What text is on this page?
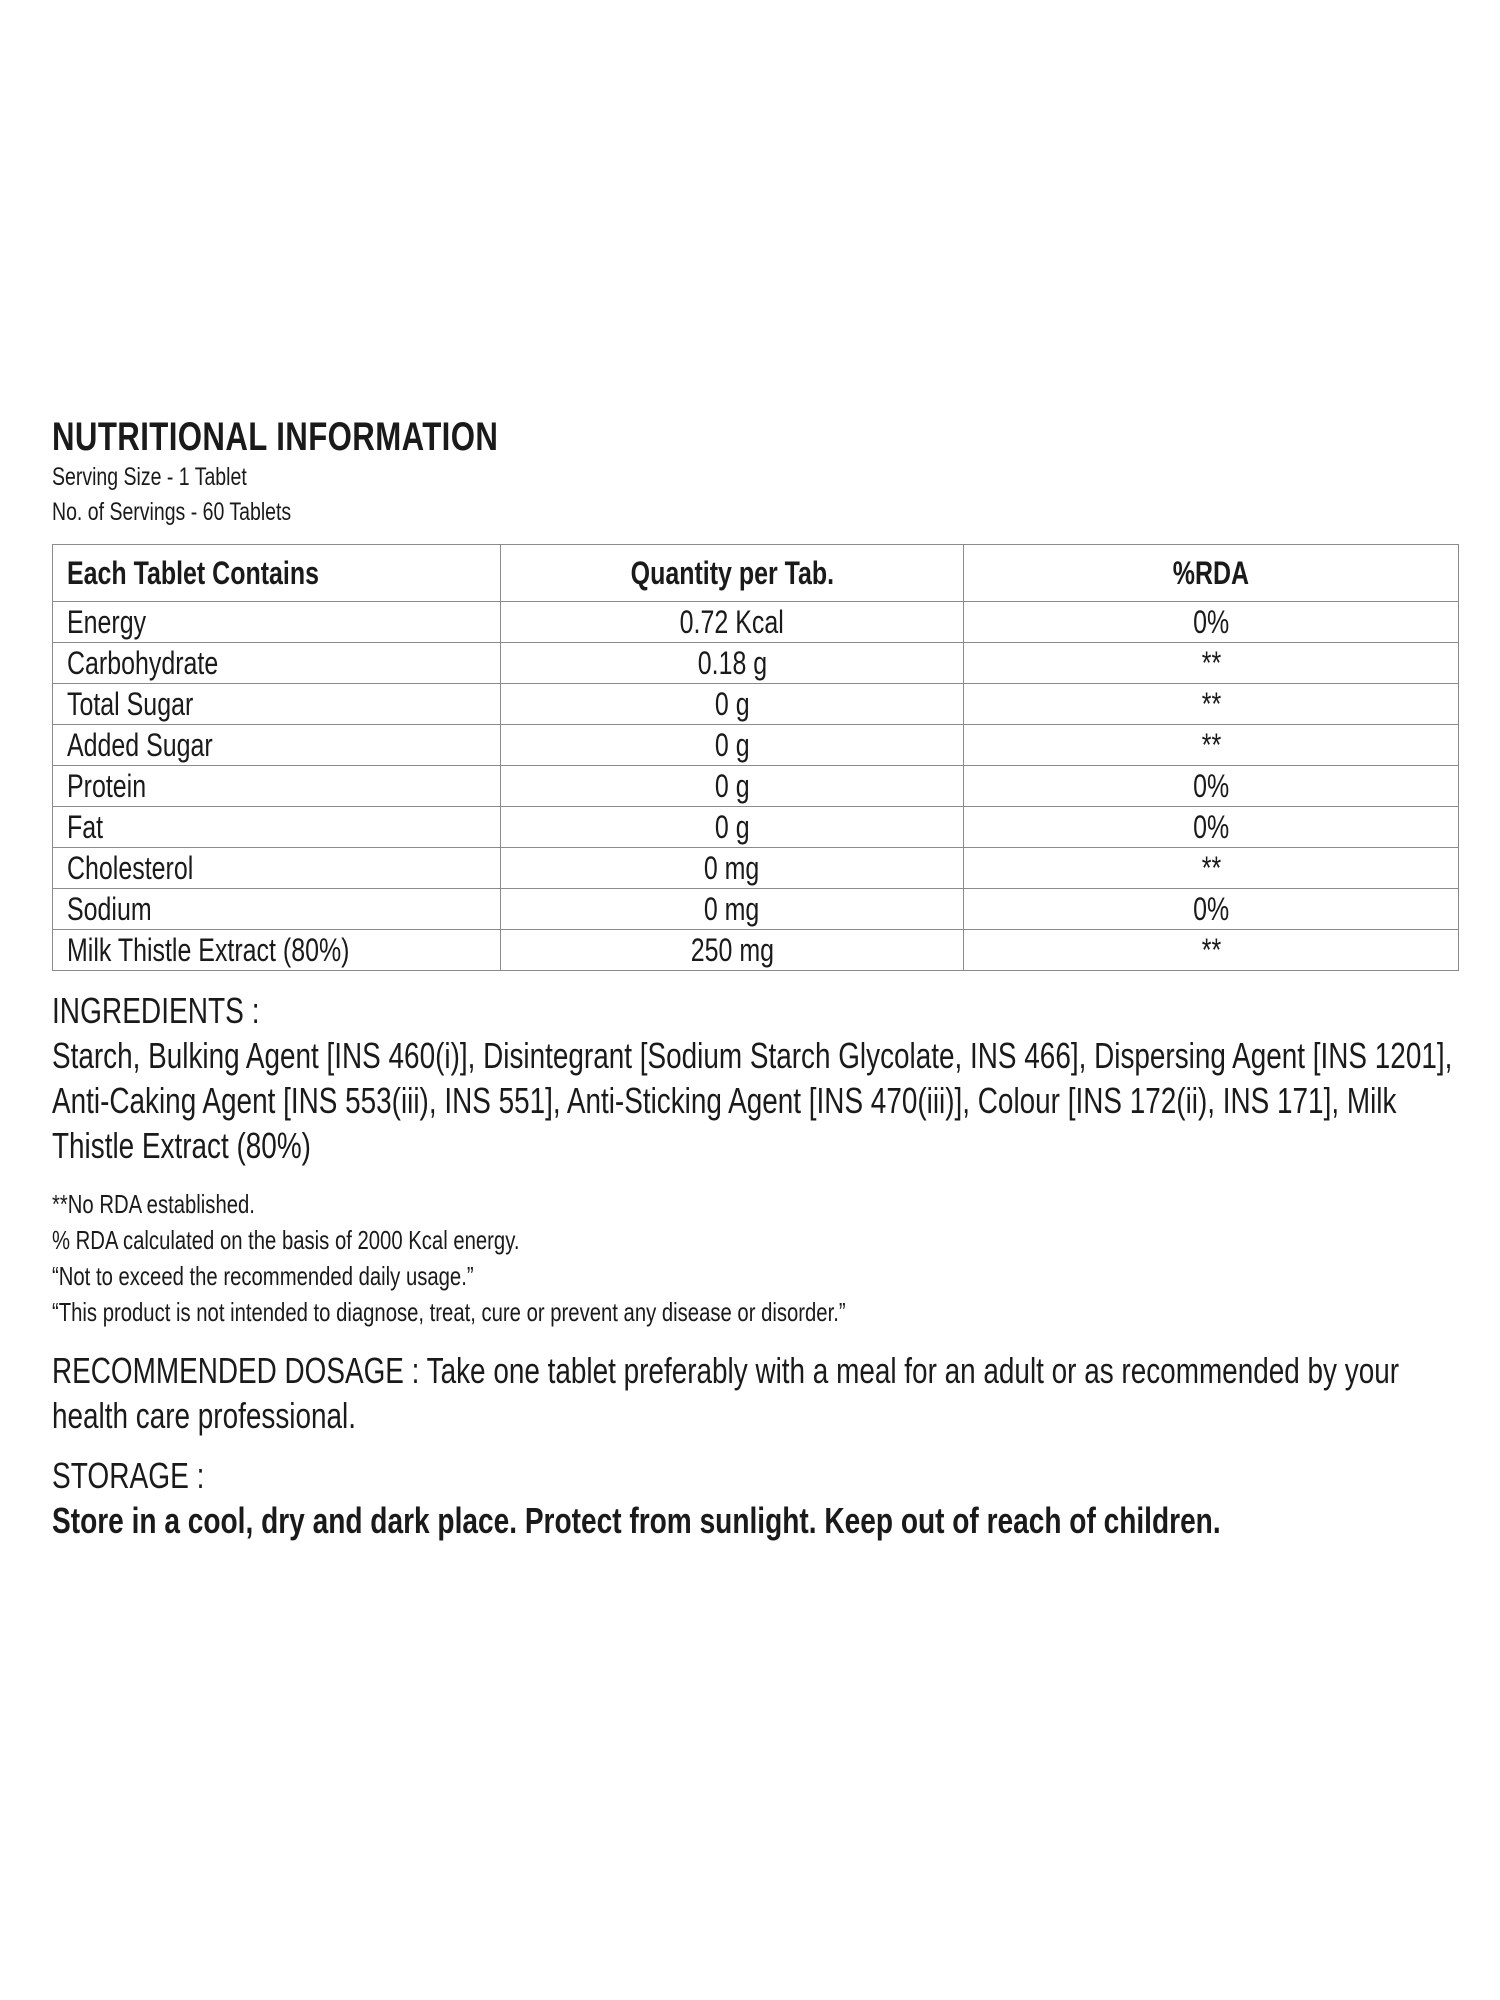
NUTRITIONAL INFORMATION
Serving Size - 1 Tablet
No. of Servings - 60 Tablets
Each Tablet Contains	Quantity per Tab.	%RDA
Energy	0.72 Kcal	0%
Carbohydrate	0.18 g	**
Total Sugar	0 g	**
Added Sugar	0 g	**
Protein	0 g	0%
Fat	0 g	0%
Cholesterol	0 mg	**
Sodium	0 mg	0%
Milk Thistle Extract (80%)	250 mg	**
INGREDIENTS :
Starch, Bulking Agent [INS 460(i)], Disintegrant [Sodium Starch Glycolate, INS 466], Dispersing Agent [INS 1201], Anti-Caking Agent [INS 553(iii), INS 551], Anti-Sticking Agent [INS 470(iii)], Colour [INS 172(ii), INS 171], Milk Thistle Extract (80%)
**No RDA established.
% RDA calculated on the basis of 2000 Kcal energy.
“Not to exceed the recommended daily usage.”
“This product is not intended to diagnose, treat, cure or prevent any disease or disorder.”
RECOMMENDED DOSAGE : Take one tablet preferably with a meal for an adult or as recommended by your health care professional.
STORAGE :
Store in a cool, dry and dark place. Protect from sunlight. Keep out of reach of children.
